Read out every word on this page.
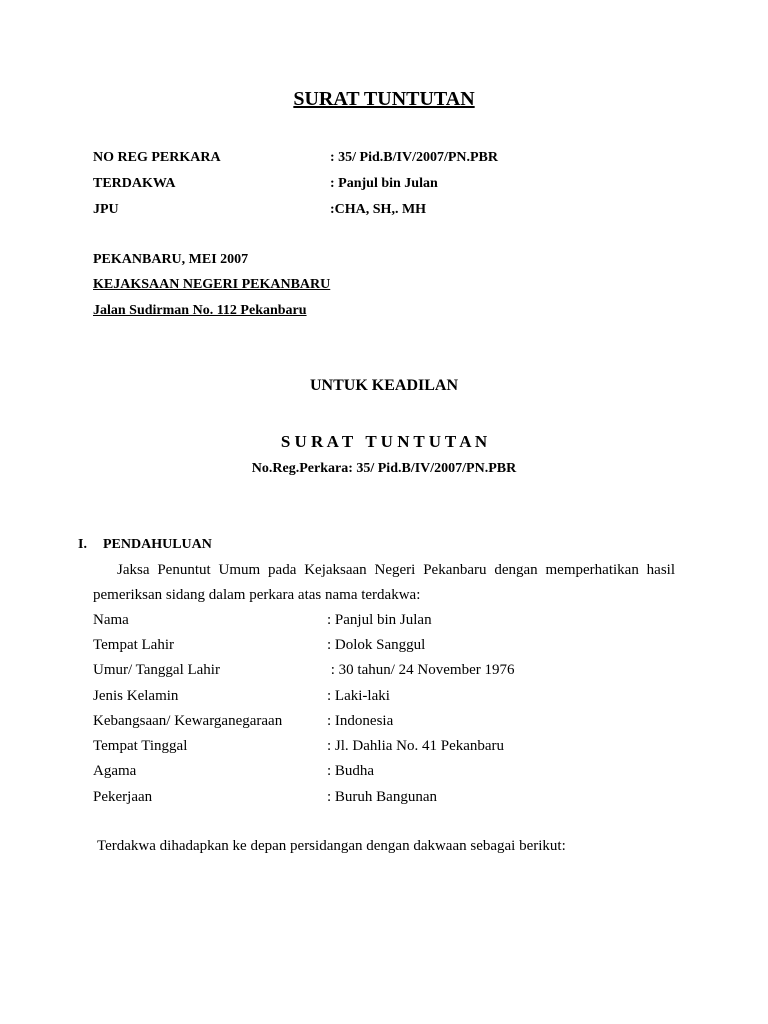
SURAT TUNTUTAN
NO REG PERKARA	: 35/ Pid.B/IV/2007/PN.PBR
TERDAKWA	: Panjul bin Julan
JPU	:CHA, SH,. MH
PEKANBARU, MEI 2007
KEJAKSAAN NEGERI PEKANBARU
Jalan Sudirman No. 112 Pekanbaru
UNTUK KEADILAN
S U R A T   T U N T U T A N
No.Reg.Perkara: 35/ Pid.B/IV/2007/PN.PBR
I. PENDAHULUAN
Jaksa Penuntut Umum pada Kejaksaan Negeri Pekanbaru dengan memperhatikan hasil
pemeriksan sidang dalam perkara atas nama terdakwa:
Nama	: Panjul bin Julan
Tempat Lahir	: Dolok Sanggul
Umur/ Tanggal Lahir	: 30 tahun/ 24 November 1976
Jenis Kelamin	: Laki-laki
Kebangsaan/ Kewarganegaraan	: Indonesia
Tempat Tinggal	: Jl. Dahlia No. 41 Pekanbaru
Agama	: Budha
Pekerjaan	: Buruh Bangunan
Terdakwa dihadapkan ke depan persidangan dengan dakwaan sebagai berikut:
